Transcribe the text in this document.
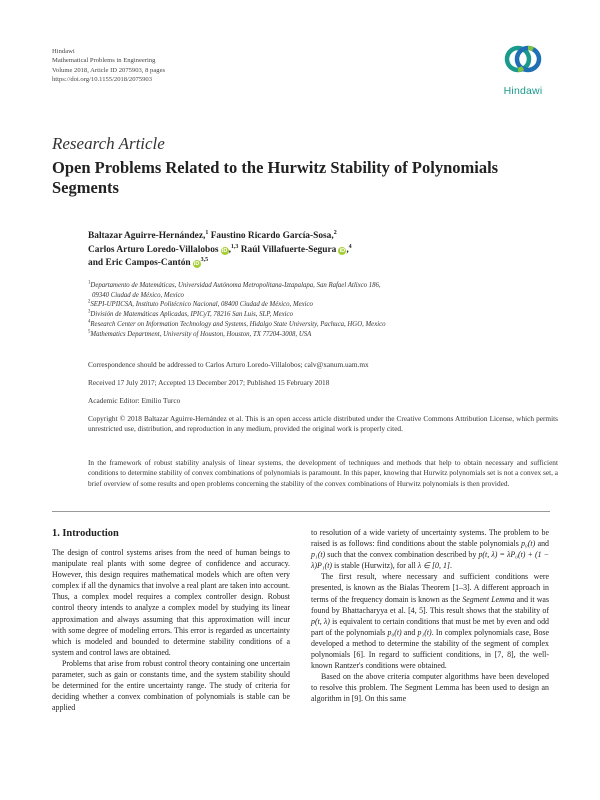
Hindawi
Mathematical Problems in Engineering
Volume 2018, Article ID 2075903, 8 pages
https://doi.org/10.1155/2018/2075903
Hindawi
Research Article
Open Problems Related to the Hurwitz Stability of Polynomials Segments
Baltazar Aguirre-Hernández,$^1$ Faustino Ricardo García-Sosa,$^2$
Carlos Arturo Loredo-Villalobos iD,$^{1,3}$ Raúl Villafuerte-Segura iD,$^4$
and Eric Campos-Cantón iD$^{3,5}$
$^1$Departamento de Matemáticas, Universidad Autónoma Metropolitana-Iztapalapa, San Rafael Atlixco 186,
09340 Ciudad de México, Mexico
$^2$SEPI-UPIICSA, Instituto Politécnico Nacional, 08400 Ciudad de México, Mexico
$^3$División de Matemáticas Aplicadas, IPICyT, 78216 San Luis, SLP, Mexico
$^4$Research Center on Information Technology and Systems, Hidalgo State University, Pachuca, HGO, Mexico
$^5$Mathematics Department, University of Houston, Houston, TX 77204-3008, USA
Correspondence should be addressed to Carlos Arturo Loredo-Villalobos; calv@xanum.uam.mx
Received 17 July 2017; Accepted 13 December 2017; Published 15 February 2018
Academic Editor: Emilio Turco
Copyright © 2018 Baltazar Aguirre-Hernández et al. This is an open access article distributed under the Creative Commons Attribution License, which permits unrestricted use, distribution, and reproduction in any medium, provided the original work is properly cited.
In the framework of robust stability analysis of linear systems, the development of techniques and methods that help to obtain necessary and sufficient conditions to determine stability of convex combinations of polynomials is paramount. In this paper, knowing that Hurwitz polynomials set is not a convex set, a brief overview of some results and open problems concerning the stability of the convex combinations of Hurwitz polynomials is then provided.
1. Introduction

The design of control systems arises from the need of human beings to manipulate real plants with some degree of confidence and accuracy. However, this design requires mathematical models which are often very complex if all the dynamics that involve a real plant are taken into account. Thus, a complex model requires a complex controller design. Robust control theory intends to analyze a complex model by studying its linear approximation and always assuming that this approximation will incur with some degree of modeling errors. This error is regarded as uncertainty which is modeled and bounded to determine stability conditions of a system and control laws are obtained.

Problems that arise from robust control theory containing one uncertain parameter, such as gain or constants time, and the system stability should be determined for the entire uncertainty range. The study of criteria for deciding whether a convex combination of polynomials is stable can be applied

to resolution of a wide variety of uncertainty systems. The problem to be raised is as follows: find conditions about the stable polynomials p₀(t) and p₁(t) such that the convex combination described by p(t, λ) = λP₀(t) + (1 − λ)P₁(t) is stable (Hurwitz), for all λ ∈ [0, 1].

The first result, where necessary and sufficient conditions were presented, is known as the Bialas Theorem [1–3]. A different approach in terms of the frequency domain is known as the Segment Lemma and it was found by Bhattacharyya et al. [4, 5]. This result shows that the stability of p(t, λ) is equivalent to certain conditions that must be met by even and odd part of the polynomials p₀(t) and p₁(t). In complex polynomials case, Bose developed a method to determine the stability of the segment of complex polynomials [6]. In regard to sufficient conditions, in [7, 8], the well-known Rantzer's conditions were obtained.

Based on the above criteria computer algorithms have been developed to resolve this problem. The Segment Lemma has been used to design an algorithm in [9]. On this same
